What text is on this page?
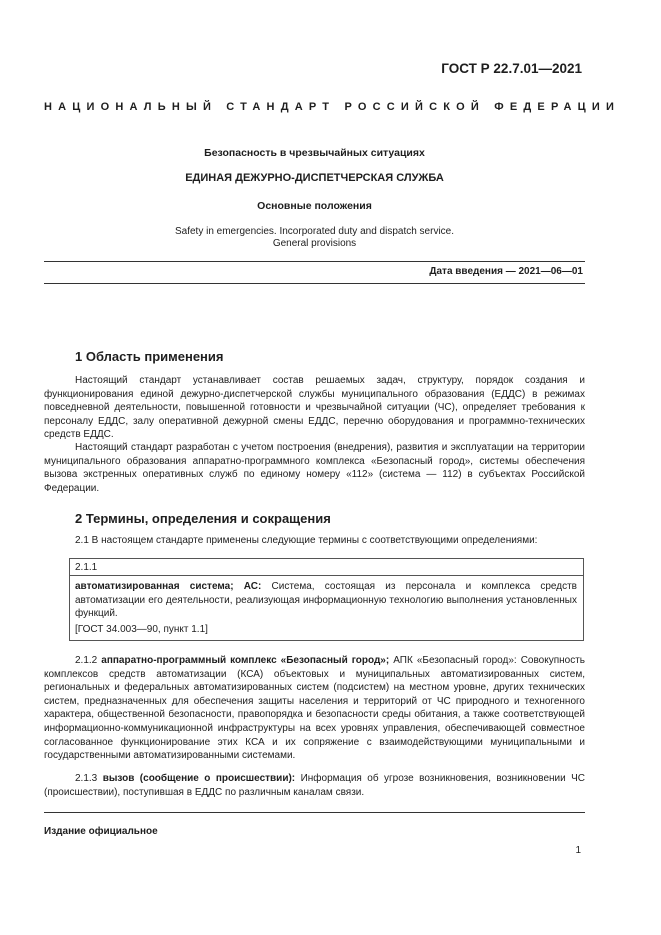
ГОСТ Р 22.7.01—2021
НАЦИОНАЛЬНЫЙ СТАНДАРТ РОССИЙСКОЙ ФЕДЕРАЦИИ
Безопасность в чрезвычайных ситуациях
ЕДИНАЯ ДЕЖУРНО-ДИСПЕТЧЕРСКАЯ СЛУЖБА
Основные положения
Safety in emergencies. Incorporated duty and dispatch service.
General provisions
Дата введения — 2021—06—01
1 Область применения

Настоящий стандарт устанавливает состав решаемых задач, структуру, порядок создания и функционирования единой дежурно-диспетчерской службы муниципального образования (ЕДДС) в режимах повседневной деятельности, повышенной готовности и чрезвычайной ситуации (ЧС), определяет требования к персоналу ЕДДС, залу оперативной дежурной смены ЕДДС, перечню оборудования и программно-технических средств ЕДДС.

Настоящий стандарт разработан с учетом построения (внедрения), развития и эксплуатации на территории муниципального образования аппаратно-программного комплекса «Безопасный город», системы обеспечения вызова экстренных оперативных служб по единому номеру «112» (система — 112) в субъектах Российской Федерации.

2 Термины, определения и сокращения

2.1 В настоящем стандарте применены следующие термины с соответствующими определениями:

2.1.1

автоматизированная система; АС: Система, состоящая из персонала и комплекса средств автоматизации его деятельности, реализующая информационную технологию выполнения установленных функций.

[ГОСТ 34.003—90, пункт 1.1]

2.1.2 аппаратно-программный комплекс «Безопасный город»; АПК «Безопасный город»: Совокупность комплексов средств автоматизации (КСА) объектовых и муниципальных автоматизированных систем, региональных и федеральных автоматизированных систем (подсистем) на местном уровне, других технических систем, предназначенных для обеспечения защиты населения и территорий от ЧС природного и техногенного характера, общественной безопасности, правопорядка и безопасности среды обитания, а также соответствующей информационно-коммуникационной инфраструктуры на всех уровнях управления, обеспечивающей совместное согласованное функционирование этих КСА и их сопряжение с взаимодействующими муниципальными и государственными автоматизированными системами.

2.1.3 вызов (сообщение о происшествии): Информация об угрозе возникновения, возникновении ЧС (происшествии), поступившая в ЕДДС по различным каналам связи.

Издание официальное
1
